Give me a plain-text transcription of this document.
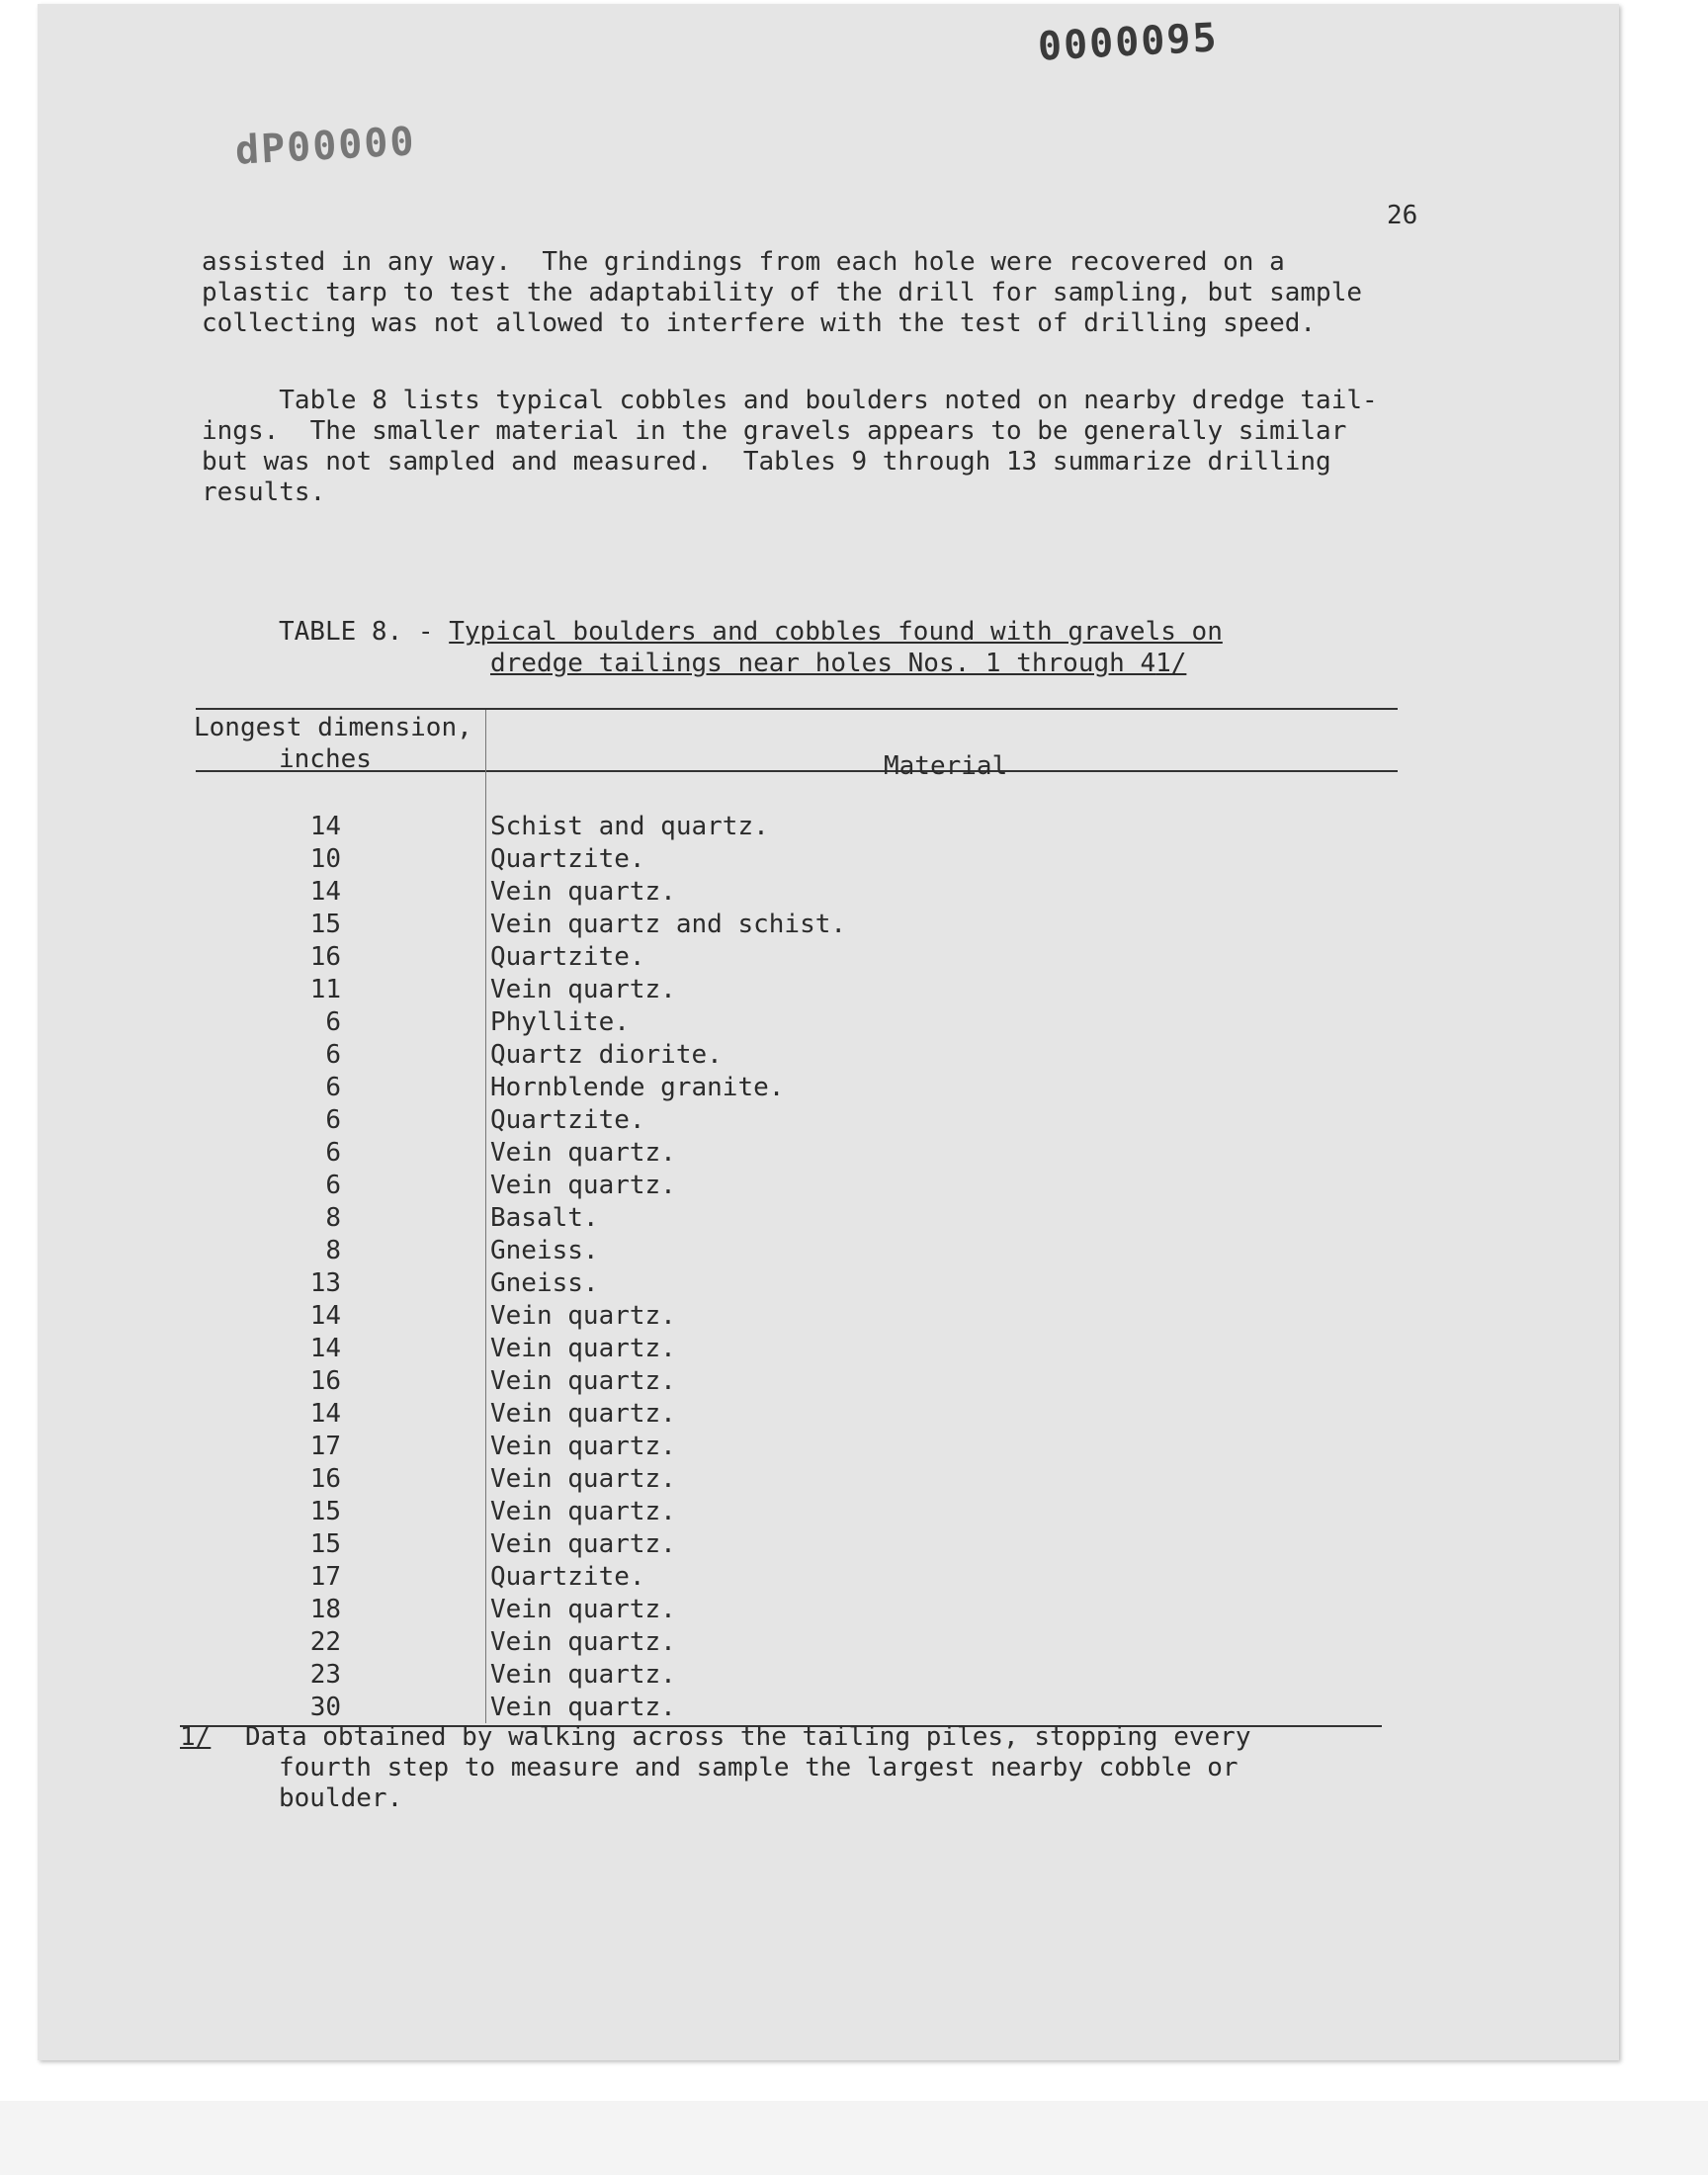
0000095
dP00000
26

assisted in any way.  The grindings from each hole were recovered on a
plastic tarp to test the adaptability of the drill for sampling, but sample
collecting was not allowed to interfere with the test of drilling speed.

Table 8 lists typical cobbles and boulders noted on nearby dredge tail-
ings.  The smaller material in the gravels appears to be generally similar
but was not sampled and measured.  Tables 9 through 13 summarize drilling
results.

TABLE 8. - Typical boulders and cobbles found with gravels on
dredge tailings near holes Nos. 1 through 41/
Longest dimension,
inches	Material
14	Schist and quartz.
10	Quartzite.
14	Vein quartz.
15	Vein quartz and schist.
16	Quartzite.
11	Vein quartz.
6	Phyllite.
6	Quartz diorite.
6	Hornblende granite.
6	Quartzite.
6	Vein quartz.
6	Vein quartz.
8	Basalt.
8	Gneiss.
13	Gneiss.
14	Vein quartz.
14	Vein quartz.
16	Vein quartz.
14	Vein quartz.
17	Vein quartz.
16	Vein quartz.
15	Vein quartz.
15	Vein quartz.
17	Quartzite.
18	Vein quartz.
22	Vein quartz.
23	Vein quartz.
30	Vein quartz.
1/	Data obtained by walking across the tailing piles, stopping every
fourth step to measure and sample the largest nearby cobble or
boulder.
